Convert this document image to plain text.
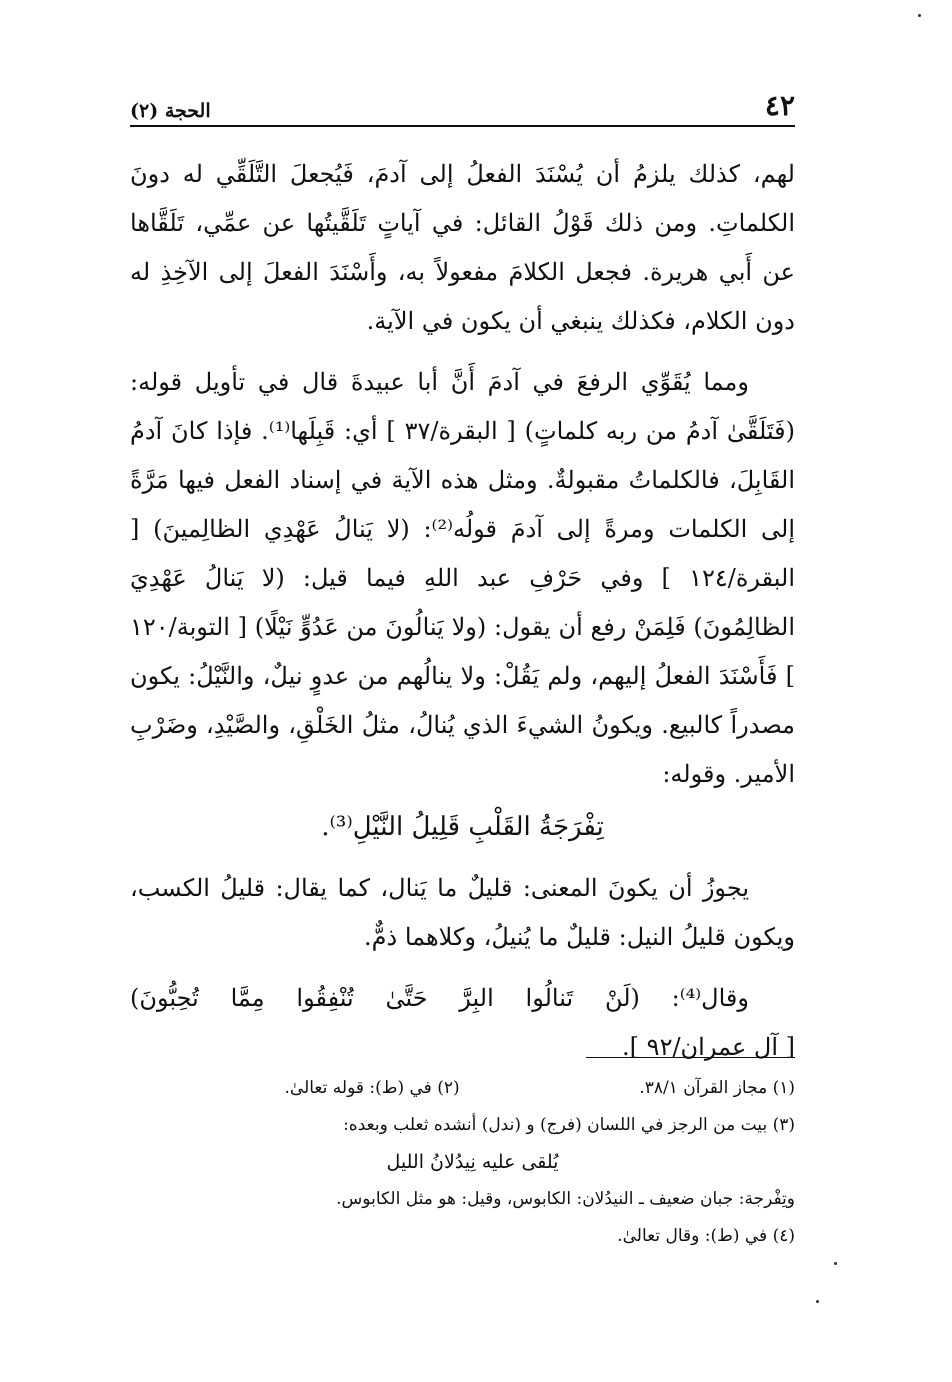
٤٢
الحجة (٢)

لهم، كذلك يلزمُ أن يُسْنَدَ الفعلُ إلى آدمَ، فَيُجعلَ التَّلَقِّي له دونَ الكلماتِ. ومن ذلك قَوْلُ القائل: في آياتٍ تَلَقَّيتُها عن عمِّي، تَلَقَّاها عن أَبي هريرة. فجعل الكلامَ مفعولاً به، وأَسْنَدَ الفعلَ إلى الآخِذِ له دون الكلام، فكذلك ينبغي أن يكون في الآية.

ومما يُقَوِّي الرفعَ في آدمَ أَنَّ أبا عبيدةَ قال في تأويل قوله: (فَتَلَقَّىٰ آدمُ من ربه كلماتٍ) [ البقرة/٣٧ ] أي: قَبِلَها⁽¹⁾. فإذا كانَ آدمُ القَابِلَ، فالكلماتُ مقبولةٌ. ومثل هذه الآية في إسناد الفعل فيها مَرَّةً إلى الكلمات ومرةً إلى آدمَ قولُه⁽²⁾: (لا يَنالُ عَهْدِي الظالِمينَ) [ البقرة/١٢٤ ] وفي حَرْفِ عبد اللهِ فيما قيل: (لا يَنالُ عَهْدِيَ الظالِمُونَ) فَلِمَنْ رفع أن يقول: (ولا يَنالُونَ من عَدُوٍّ نَيْلًا) [ التوبة/١٢٠ ] فَأَسْنَدَ الفعلُ إليهم، ولم يَقُلْ: ولا ينالُهم من عدوٍ نيلٌ، والنَّيْلُ: يكون مصدراً كالبيع. ويكونُ الشيءَ الذي يُنالُ، مثلُ الخَلْقِ، والصَّيْدِ، وضَرْبِ الأمير. وقوله:

تِفْرَجَةُ القَلْبِ قَلِيلُ النَّيْلِ⁽³⁾.

يجوزُ أن يكونَ المعنى: قليلٌ ما يَنال، كما يقال: قليلُ الكسب، ويكون قليلُ النيل: قليلٌ ما يُنيلُ، وكلاهما ذمٌّ.

وقال⁽⁴⁾: (لَنْ تَنالُوا البِرَّ حَتَّىٰ تُنْفِقُوا مِمَّا تُحِبُّونَ)

[ آل عمران/٩٢ ].

(١) مجاز القرآن ٣٨/١.
(٢) في (ط): قوله تعالىٰ.
(٣) بيت من الرجز في اللسان (فرج) و (ندل) أنشده ثعلب وبعده:
يُلقى عليه نِيدُلانُ الليل
وتِفْرجة: جبان ضعيف ـ النيدُلان: الكابوس، وقيل: هو مثل الكابوس.
(٤) في (ط): وقال تعالىٰ.
